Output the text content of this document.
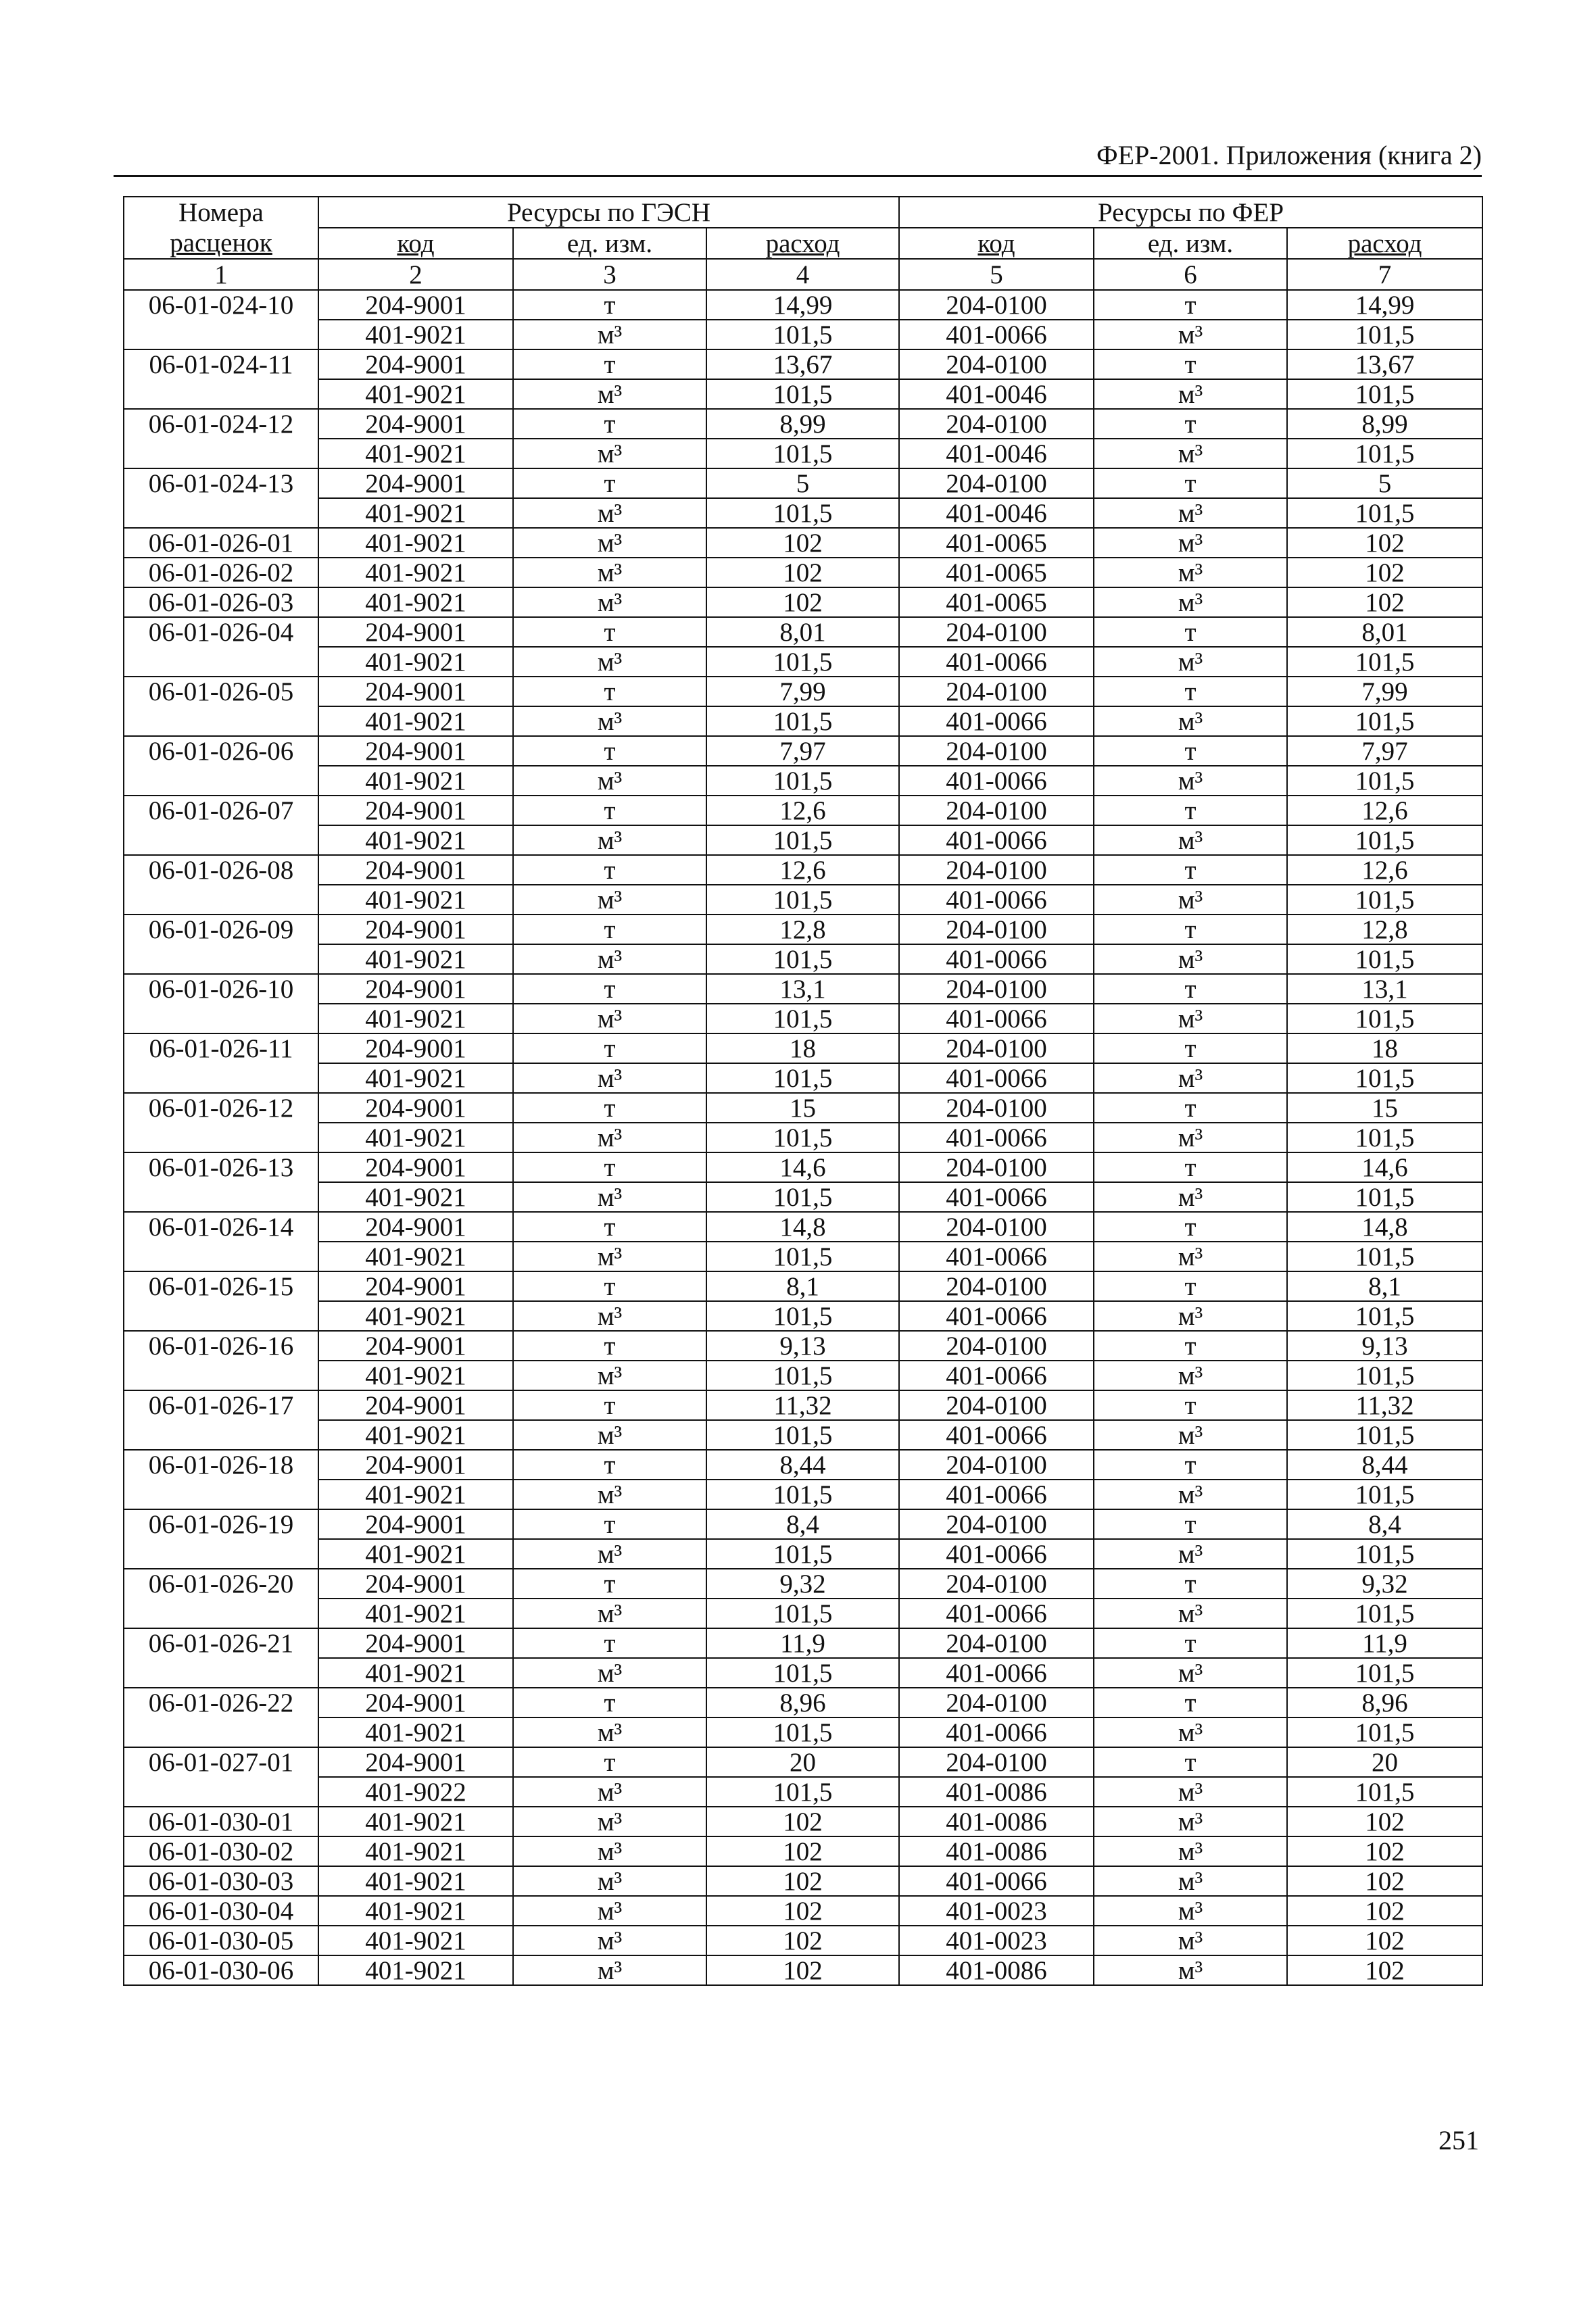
ФЕР-2001. Приложения (книга 2)
Номера	Ресурсы по ГЭСН			Ресурсы по ФЕР		
расценок	код	ед. изм.	расход	код	ед. изм.	расход
1	2	3	4	5	6	7
06-01-024-10	204-9001	т	14,99	204-0100	т	14,99
	401-9021	м³	101,5	401-0066	м³	101,5
06-01-024-11	204-9001	т	13,67	204-0100	т	13,67
	401-9021	м³	101,5	401-0046	м³	101,5
06-01-024-12	204-9001	т	8,99	204-0100	т	8,99
	401-9021	м³	101,5	401-0046	м³	101,5
06-01-024-13	204-9001	т	5	204-0100	т	5
	401-9021	м³	101,5	401-0046	м³	101,5
06-01-026-01	401-9021	м³	102	401-0065	м³	102
06-01-026-02	401-9021	м³	102	401-0065	м³	102
06-01-026-03	401-9021	м³	102	401-0065	м³	102
06-01-026-04	204-9001	т	8,01	204-0100	т	8,01
	401-9021	м³	101,5	401-0066	м³	101,5
06-01-026-05	204-9001	т	7,99	204-0100	т	7,99
	401-9021	м³	101,5	401-0066	м³	101,5
06-01-026-06	204-9001	т	7,97	204-0100	т	7,97
	401-9021	м³	101,5	401-0066	м³	101,5
06-01-026-07	204-9001	т	12,6	204-0100	т	12,6
	401-9021	м³	101,5	401-0066	м³	101,5
06-01-026-08	204-9001	т	12,6	204-0100	т	12,6
	401-9021	м³	101,5	401-0066	м³	101,5
06-01-026-09	204-9001	т	12,8	204-0100	т	12,8
	401-9021	м³	101,5	401-0066	м³	101,5
06-01-026-10	204-9001	т	13,1	204-0100	т	13,1
	401-9021	м³	101,5	401-0066	м³	101,5
06-01-026-11	204-9001	т	18	204-0100	т	18
	401-9021	м³	101,5	401-0066	м³	101,5
06-01-026-12	204-9001	т	15	204-0100	т	15
	401-9021	м³	101,5	401-0066	м³	101,5
06-01-026-13	204-9001	т	14,6	204-0100	т	14,6
	401-9021	м³	101,5	401-0066	м³	101,5
06-01-026-14	204-9001	т	14,8	204-0100	т	14,8
	401-9021	м³	101,5	401-0066	м³	101,5
06-01-026-15	204-9001	т	8,1	204-0100	т	8,1
	401-9021	м³	101,5	401-0066	м³	101,5
06-01-026-16	204-9001	т	9,13	204-0100	т	9,13
	401-9021	м³	101,5	401-0066	м³	101,5
06-01-026-17	204-9001	т	11,32	204-0100	т	11,32
	401-9021	м³	101,5	401-0066	м³	101,5
06-01-026-18	204-9001	т	8,44	204-0100	т	8,44
	401-9021	м³	101,5	401-0066	м³	101,5
06-01-026-19	204-9001	т	8,4	204-0100	т	8,4
	401-9021	м³	101,5	401-0066	м³	101,5
06-01-026-20	204-9001	т	9,32	204-0100	т	9,32
	401-9021	м³	101,5	401-0066	м³	101,5
06-01-026-21	204-9001	т	11,9	204-0100	т	11,9
	401-9021	м³	101,5	401-0066	м³	101,5
06-01-026-22	204-9001	т	8,96	204-0100	т	8,96
	401-9021	м³	101,5	401-0066	м³	101,5
06-01-027-01	204-9001	т	20	204-0100	т	20
	401-9022	м³	101,5	401-0086	м³	101,5
06-01-030-01	401-9021	м³	102	401-0086	м³	102
06-01-030-02	401-9021	м³	102	401-0086	м³	102
06-01-030-03	401-9021	м³	102	401-0066	м³	102
06-01-030-04	401-9021	м³	102	401-0023	м³	102
06-01-030-05	401-9021	м³	102	401-0023	м³	102
06-01-030-06	401-9021	м³	102	401-0086	м³	102
251
